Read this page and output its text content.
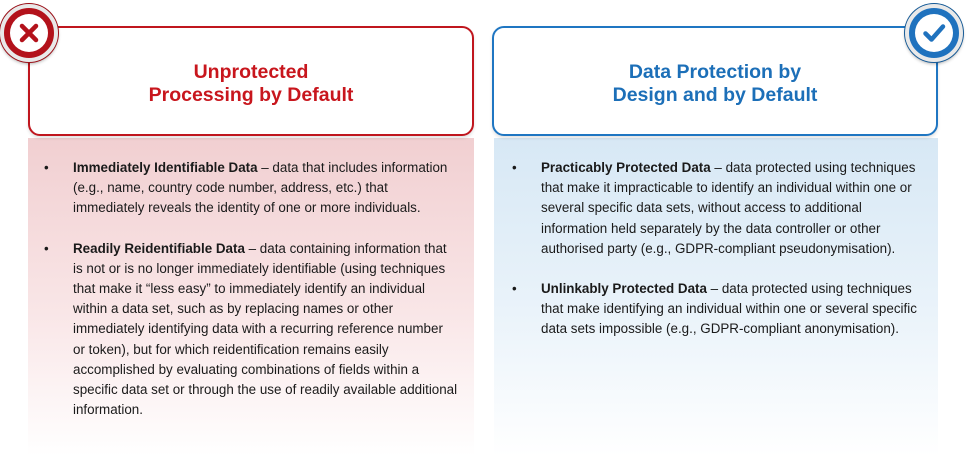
Unprotected
Processing by Default
Data Protection by
Design and by Default
• Immediately Identifiable Data – data that includes information (e.g., name, country code number, address, etc.) that immediately reveals the identity of one or more individuals.
• Readily Reidentifiable Data – data containing information that is not or is no longer immediately identifiable (using techniques that make it “less easy” to immediately identify an individual within a data set, such as by replacing names or other immediately identifying data with a recurring reference number or token), but for which reidentification remains easily accomplished by evaluating combinations of fields within a specific data set or through the use of readily available additional information.
• Practicably Protected Data – data protected using techniques that make it impracticable to identify an individual within one or several specific data sets, without access to additional information held separately by the data controller or other authorised party (e.g., GDPR-compliant pseudonymisation).
• Unlinkably Protected Data – data protected using techniques that make identifying an individual within one or several specific data sets impossible (e.g., GDPR-compliant anonymisation).
